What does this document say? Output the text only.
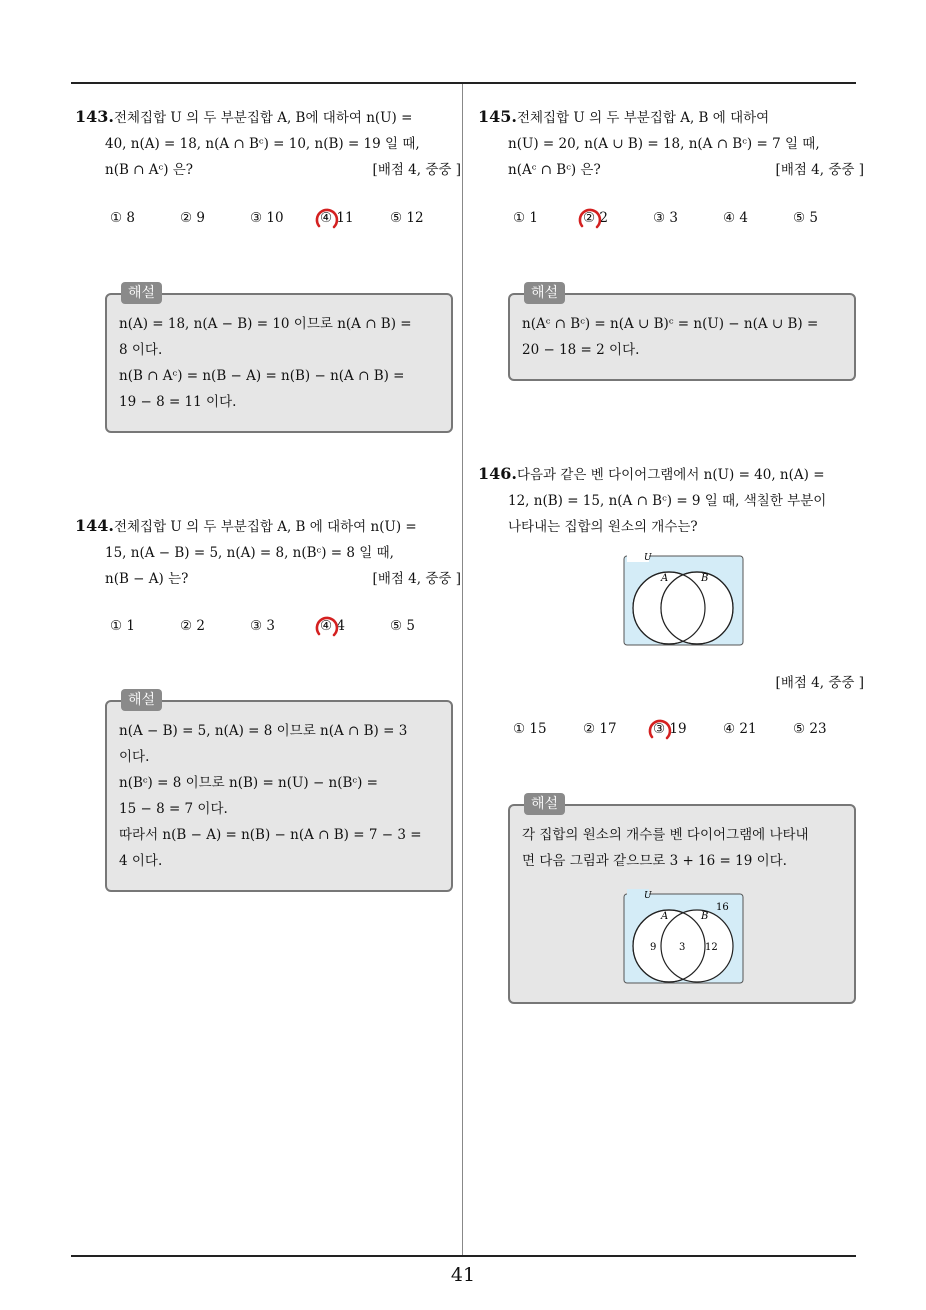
143.전체집합 U 의 두 부분집합 A, B에 대하여 n(U) =

40, n(A) = 18, n(A ∩ Bᶜ) = 10, n(B) = 19 일 때,

n(B ∩ Aᶜ) 은?	[배점 4, 중중 ]

① 8	② 9	③ 10	④ 11	⑤ 12
해설

n(A) = 18, n(A − B) = 10 이므로 n(A ∩ B) =

8 이다.

n(B ∩ Aᶜ) = n(B − A) = n(B) − n(A ∩ B) =

19 − 8 = 11 이다.

144.전체집합 U 의 두 부분집합 A, B 에 대하여 n(U) =

15, n(A − B) = 5, n(A) = 8, n(Bᶜ) = 8 일 때,

n(B − A) 는?	[배점 4, 중중 ]

① 1	② 2	③ 3	④ 4	⑤ 5
해설

n(A − B) = 5, n(A) = 8 이므로 n(A ∩ B) = 3

이다.

n(Bᶜ) = 8 이므로 n(B) = n(U) − n(Bᶜ) =

15 − 8 = 7 이다.

따라서 n(B − A) = n(B) − n(A ∩ B) = 7 − 3 =

4 이다.

145.전체집합 U 의 두 부분집합 A, B 에 대하여

n(U) = 20, n(A ∪ B) = 18, n(A ∩ Bᶜ) = 7 일 때,

n(Aᶜ ∩ Bᶜ) 은?	[배점 4, 중중 ]

① 1	② 2	③ 3	④ 4	⑤ 5
해설

n(Aᶜ ∩ Bᶜ) = n(A ∪ B)ᶜ = n(U) − n(A ∪ B) =

20 − 18 = 2 이다.

146.다음과 같은 벤 다이어그램에서 n(U) = 40, n(A) =

12, n(B) = 15, n(A ∩ Bᶜ) = 9 일 때, 색칠한 부분이

나타내는 집합의 원소의 개수는?

U
A	B

[배점 4, 중중 ]

① 15	② 17	③ 19	④ 21	⑤ 23
해설

각 집합의 원소의 개수를 벤 다이어그램에 나타내

면 다음 그림과 같으므로 3 + 16 = 19 이다.

U
A	B
16
9 3 12
41
